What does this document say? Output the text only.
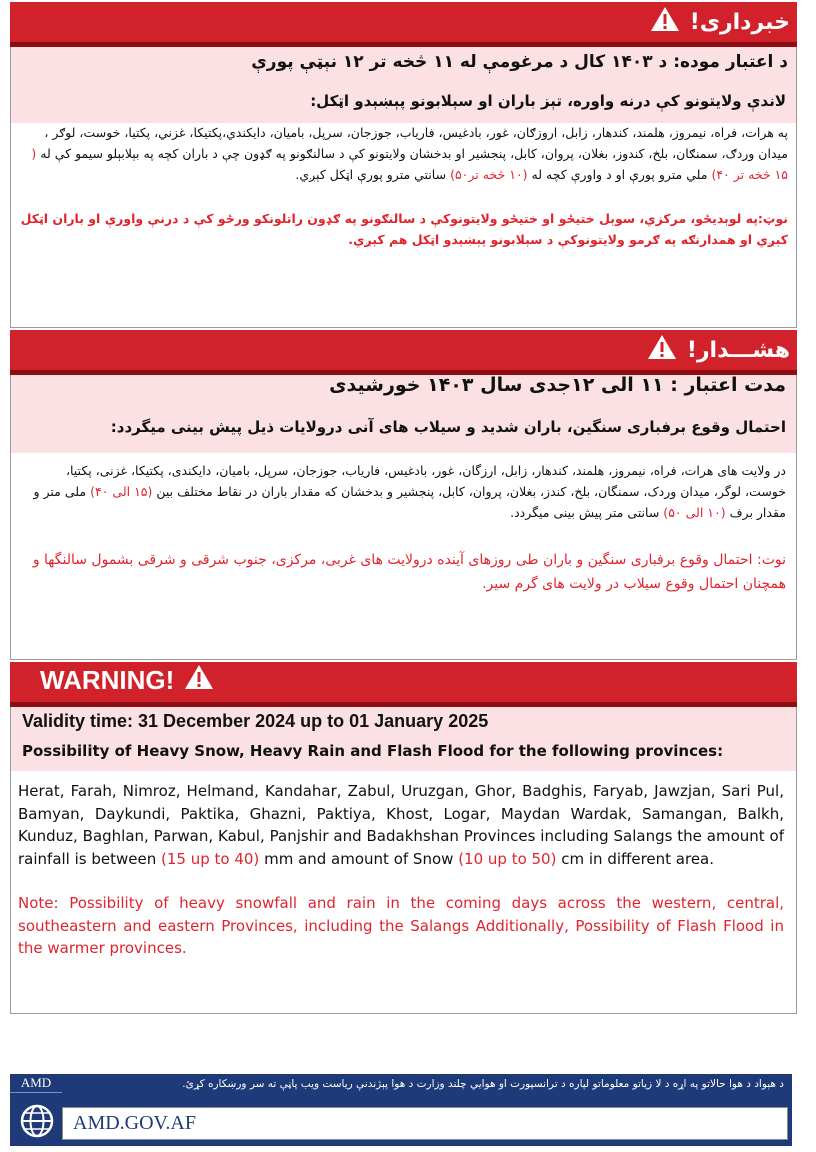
خبرداری!
د اعتبار موده: د ۱۴۰۳ کال د مرغومې له ۱۱ څخه تر ۱۲ نېټې پورې
لاندې ولايتونو کې درنه واوره، تېز باران او سېلابونو پېښېدو اټکل:
په هرات، فراه، نيمروز، هلمند، کندهار، زابل، اروزګان، غور، بادغيس، فارياب، جوزجان، سرپل، باميان، دايکندي،پکتيکا، غزني، پکتيا، خوست، لوګر ، ميدان وردګ، سمنګان، بلخ، کندوز، بغلان، پروان، کابل، پنجشير او بدخشان ولايتونو کې د سالنګونو په ګډون چې د باران کچه په بېلابېلو سيمو کې له ( ۱۵ څخه تر ۴۰) ملي مترو پورې او د واورې کچه له (۱۰ څخه تر۵۰) سانتي مترو پورې اټکل کېږي.
نوټ:په لوېديځو، مرکزي، سوېل ختيځو او ختيځو ولايتونوکې د سالنګونو په ګډون راتلونکو ورځو کې د درنې واورې او باران اټکل کېږي او همدارنګه په ګرمو ولايتونوکې د سېلابونو پېښېدو اټکل هم کېږي.
هشـــدار!
مدت اعتبار : ۱۱ الی ۱۲جدی سال ۱۴۰۳ خورشیدی
احتمال وقوع برفباری سنگین، باران شدید و سیلاب های آنی درولایات ذیل پیش بینی میگردد:
در ولایت های هرات، فراه، نیمروز، هلمند، کندهار، زابل، ارزگان، غور، بادغیس، فاریاب، جوزجان، سرپل، بامیان، دایکندی، پکتیکا، غزنی، پکتیا، خوست، لوگر، میدان وردک، سمنگان، بلخ، کندز، بغلان، پروان، کابل، پنجشیر و بدخشان که مقدار باران در نقاط مختلف بین (۱۵ الی ۴۰) ملی متر و مقدار برف (۱۰ الی ۵۰) سانتی متر پیش بینی میگردد.
نوت: احتمال وقوع برفباری سنگین و باران طی روزهای آینده درولایت های غربی، مرکزی، جنوب شرقی و شرقی بشمول سالنگها و همچنان احتمال وقوع سیلاب در ولایت های گرم سیر.
WARNING!
Validity time: 31 December 2024 up to 01 January 2025
Possibility of Heavy Snow, Heavy Rain and Flash Flood for the following provinces:
Herat, Farah, Nimroz, Helmand, Kandahar, Zabul, Uruzgan, Ghor, Badghis, Faryab, Jawzjan, Sari Pul, Bamyan, Daykundi, Paktika, Ghazni, Paktiya, Khost, Logar, Maydan Wardak, Samangan, Balkh, Kunduz, Baghlan, Parwan, Kabul, Panjshir and Badakhshan Provinces including Salangs the amount of rainfall is between (15 up to 40) mm and amount of Snow (10 up to 50) cm in different area.
Note: Possibility of heavy snowfall and rain in the coming days across the western, central, southeastern and eastern Provinces, including the Salangs Additionally, Possibility of Flash Flood in the warmer provinces.
AMD	د هېواد د هوا حالاتو په اړه د لا زياتو معلوماتو لپاره د ترانسپورت او هوايي چلند وزارت د هوا پېژندنې رياست ويب پاڼې ته سر ورښکاره کړئ.
AMD.GOV.AF
